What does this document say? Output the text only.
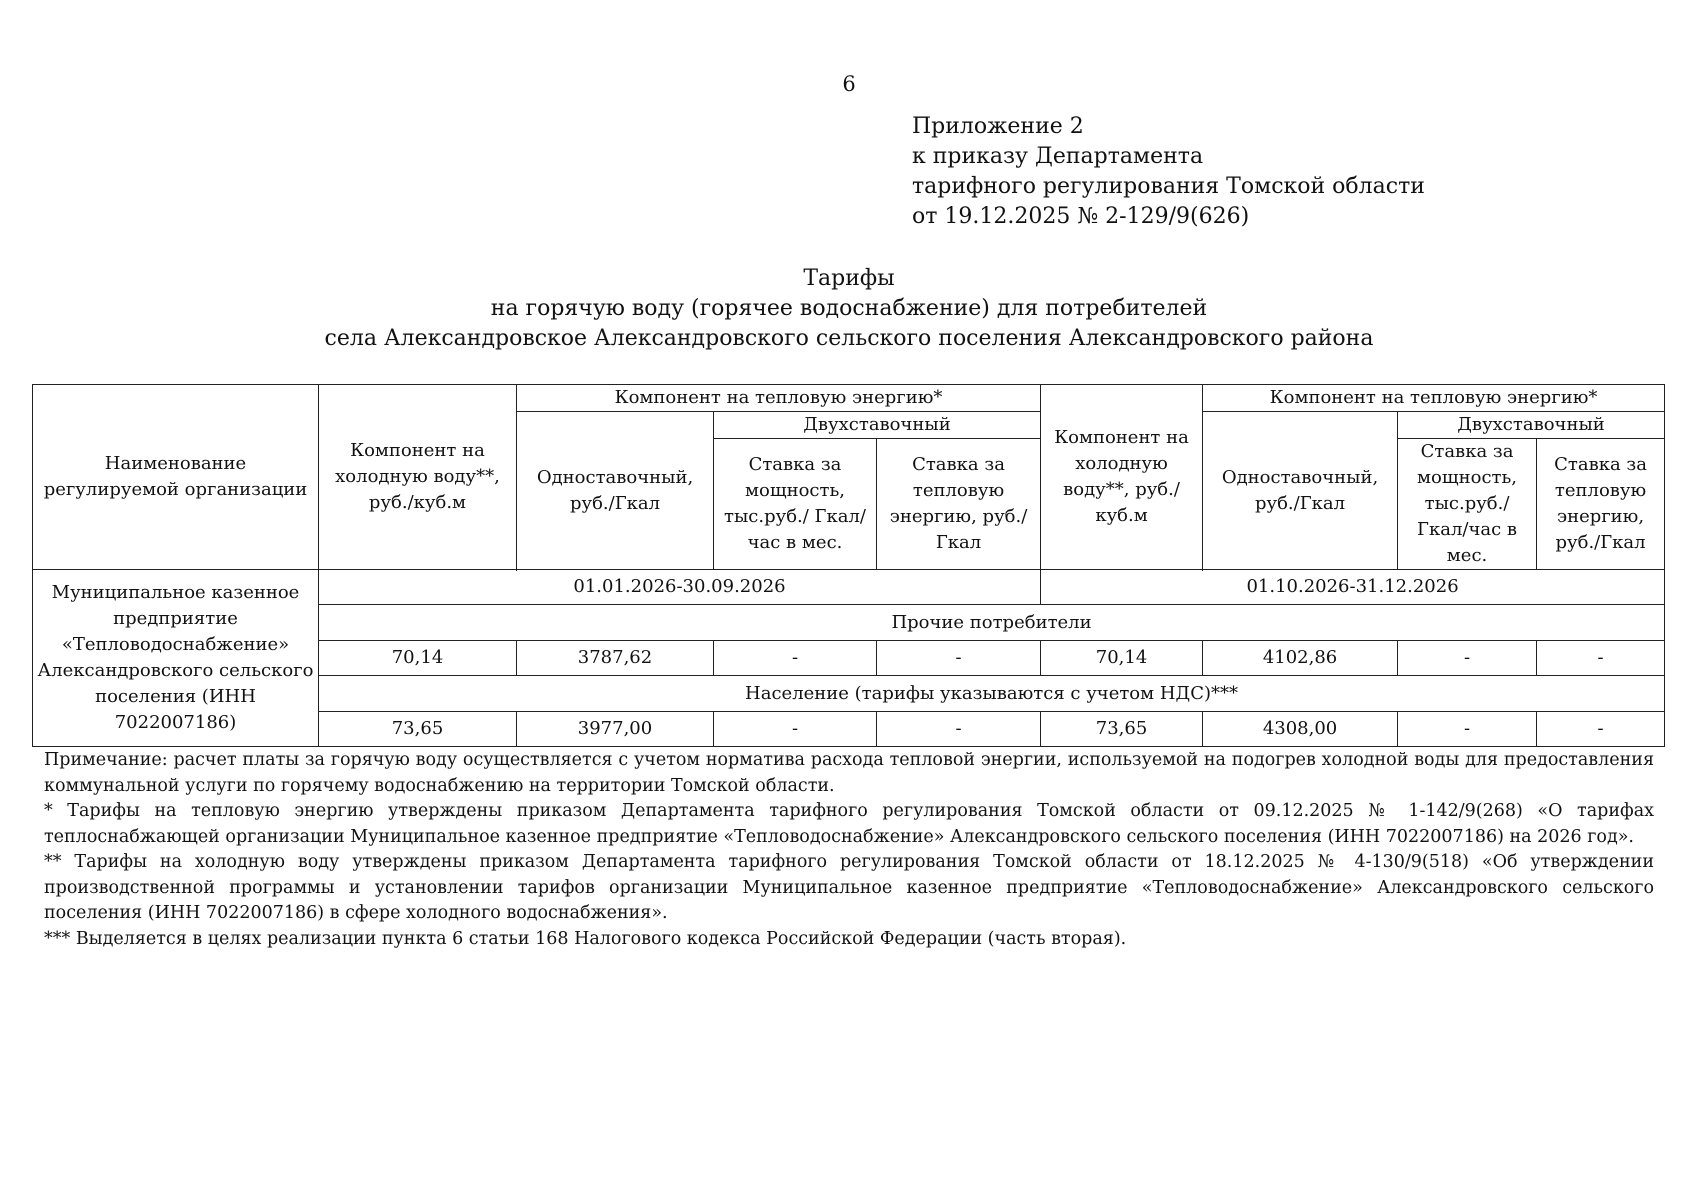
6
Приложение 2
к приказу Департамента
тарифного регулирования Томской области
от 19.12.2025 № 2-129/9(626)
Тарифы
на горячую воду (горячее водоснабжение) для потребителей
села Александровское Александровского сельского поселения Александровского района
Наименование регулируемой организации	Компонент на холодную воду**, руб./куб.м	Компонент на тепловую энергию*			Компонент на холодную воду**, руб./куб.м	Компонент на тепловую энергию*		
		Одноставочный, руб./Гкал	Двухставочный			Одноставочный, руб./Гкал	Двухставочный	
			Ставка за мощность, тыс.руб./ Гкал/час в мес.	Ставка за тепловую энергию, руб./Гкал			Ставка за мощность, тыс.руб./ Гкал/час в мес.	Ставка за тепловую энергию, руб./Гкал

Муниципальное казенное предприятие «Тепловодоснабжение» Александровского сельского поселения (ИНН 7022007186)	01.01.2026-30.09.2026				01.10.2026-31.12.2026			
	Прочие потребители							
	70,14	3787,62	-	-	70,14	4102,86	-	-
	Население (тарифы указываются с учетом НДС)***							
	73,65	3977,00	-	-	73,65	4308,00	-	-

Примечание: расчет платы за горячую воду осуществляется с учетом норматива расхода тепловой энергии, используемой на подогрев холодной воды для предоставления коммунальной услуги по горячему водоснабжению на территории Томской области.

* Тарифы на тепловую энергию утверждены приказом Департамента тарифного регулирования Томской области от 09.12.2025 № 1-142/9(268) «О тарифах теплоснабжающей организации Муниципальное казенное предприятие «Тепловодоснабжение» Александровского сельского поселения (ИНН 7022007186) на 2026 год».

** Тарифы на холодную воду утверждены приказом Департамента тарифного регулирования Томской области от 18.12.2025 № 4-130/9(518) «Об утверждении производственной программы и установлении тарифов организации Муниципальное казенное предприятие «Тепловодоснабжение» Александровского сельского поселения (ИНН 7022007186) в сфере холодного водоснабжения».

*** Выделяется в целях реализации пункта 6 статьи 168 Налогового кодекса Российской Федерации (часть вторая).
